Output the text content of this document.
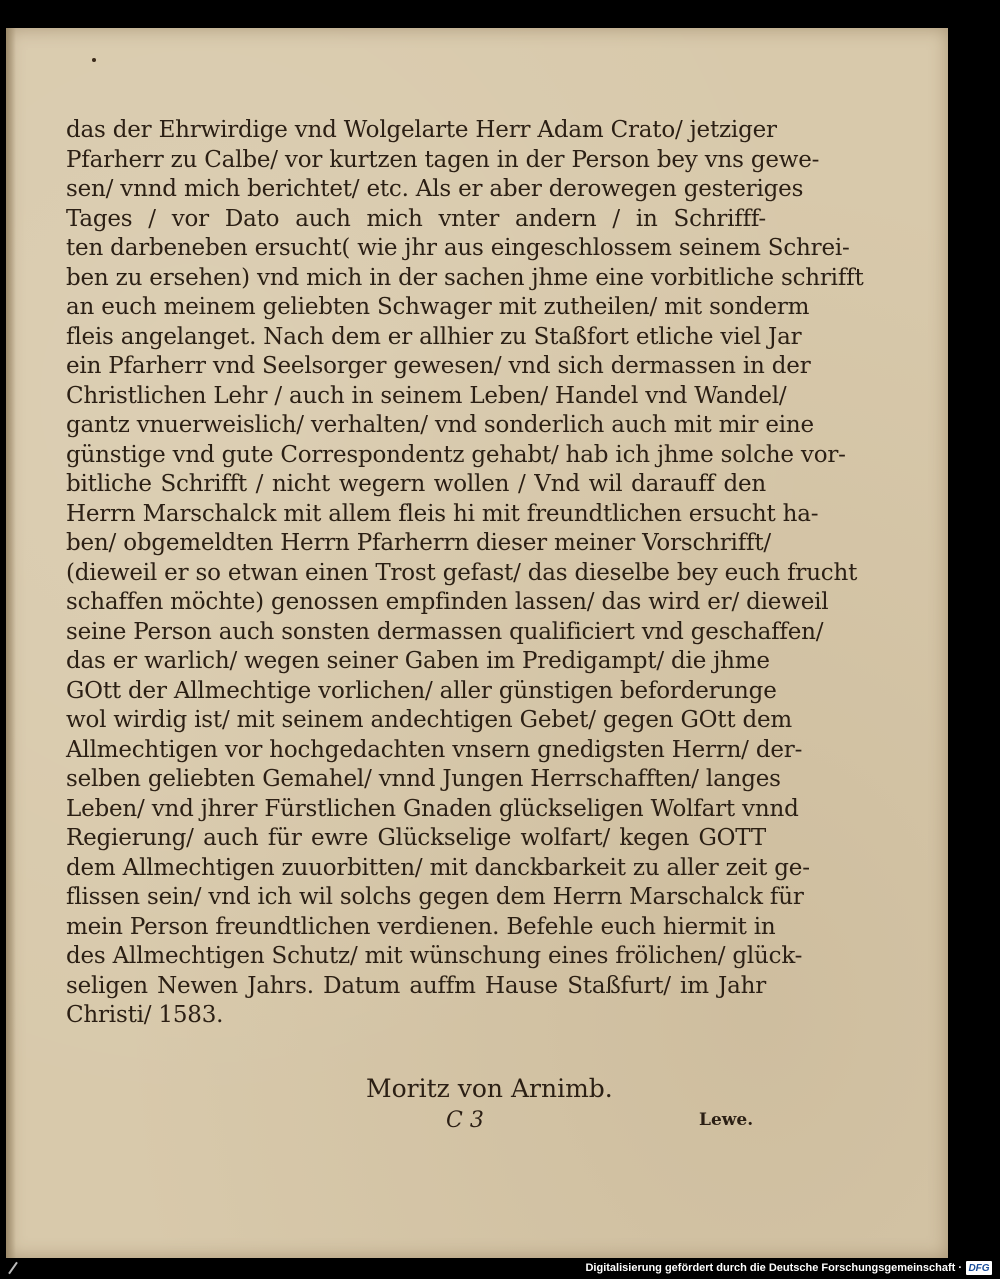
das der Ehrwirdige vnd Wolgelarte Herr Adam Crato/ jetziger
Pfarherr zu Calbe/ vor kurtzen tagen in der Person bey vns gewe-
sen/ vnnd mich berichtet/ etc. Als er aber derowegen gesteriges
Tages / vor Dato auch mich vnter andern / in Schrifff-
ten darbeneben ersucht( wie jhr aus eingeschlossem seinem Schrei-
ben zu ersehen) vnd mich in der sachen jhme eine vorbitliche schrifft
an euch meinem geliebten Schwager mit zutheilen/ mit sonderm
fleis angelanget. Nach dem er allhier zu Staßfort etliche viel Jar
ein Pfarherr vnd Seelsorger gewesen/ vnd sich dermassen in der
Christlichen Lehr / auch in seinem Leben/ Handel vnd Wandel/
gantz vnuerweislich/ verhalten/ vnd sonderlich auch mit mir eine
günstige vnd gute Correspondentz gehabt/ hab ich jhme solche vor-
bitliche Schrifft / nicht wegern wollen / Vnd wil darauff den
Herrn Marschalck mit allem fleis hi mit freundtlichen ersucht ha-
ben/ obgemeldten Herrn Pfarherrn dieser meiner Vorschrifft/
(dieweil er so etwan einen Trost gefast/ das dieselbe bey euch frucht
schaffen möchte) genossen empfinden lassen/ das wird er/ dieweil
seine Person auch sonsten dermassen qualificiert vnd geschaffen/
das er warlich/ wegen seiner Gaben im Predigampt/ die jhme
GOtt der Allmechtige vorlichen/ aller günstigen beforderunge
wol wirdig ist/ mit seinem andechtigen Gebet/ gegen GOtt dem
Allmechtigen vor hochgedachten vnsern gnedigsten Herrn/ der-
selben geliebten Gemahel/ vnnd Jungen Herrschafften/ langes
Leben/ vnd jhrer Fürstlichen Gnaden glückseligen Wolfart vnnd
Regierung/ auch für ewre Glückselige wolfart/ kegen GOTT
dem Allmechtigen zuuorbitten/ mit danckbarkeit zu aller zeit ge-
flissen sein/ vnd ich wil solchs gegen dem Herrn Marschalck für
mein Person freundtlichen verdienen. Befehle euch hiermit in
des Allmechtigen Schutz/ mit wünschung eines frölichen/ glück-
seligen Newen Jahrs. Datum auffm Hause Staßfurt/ im Jahr
Christi/ 1583.
Moritz von Arnimb.
C 3	Lewe.
Digitalisierung gefördert durch die Deutsche Forschungsgemeinschaft · DFG
